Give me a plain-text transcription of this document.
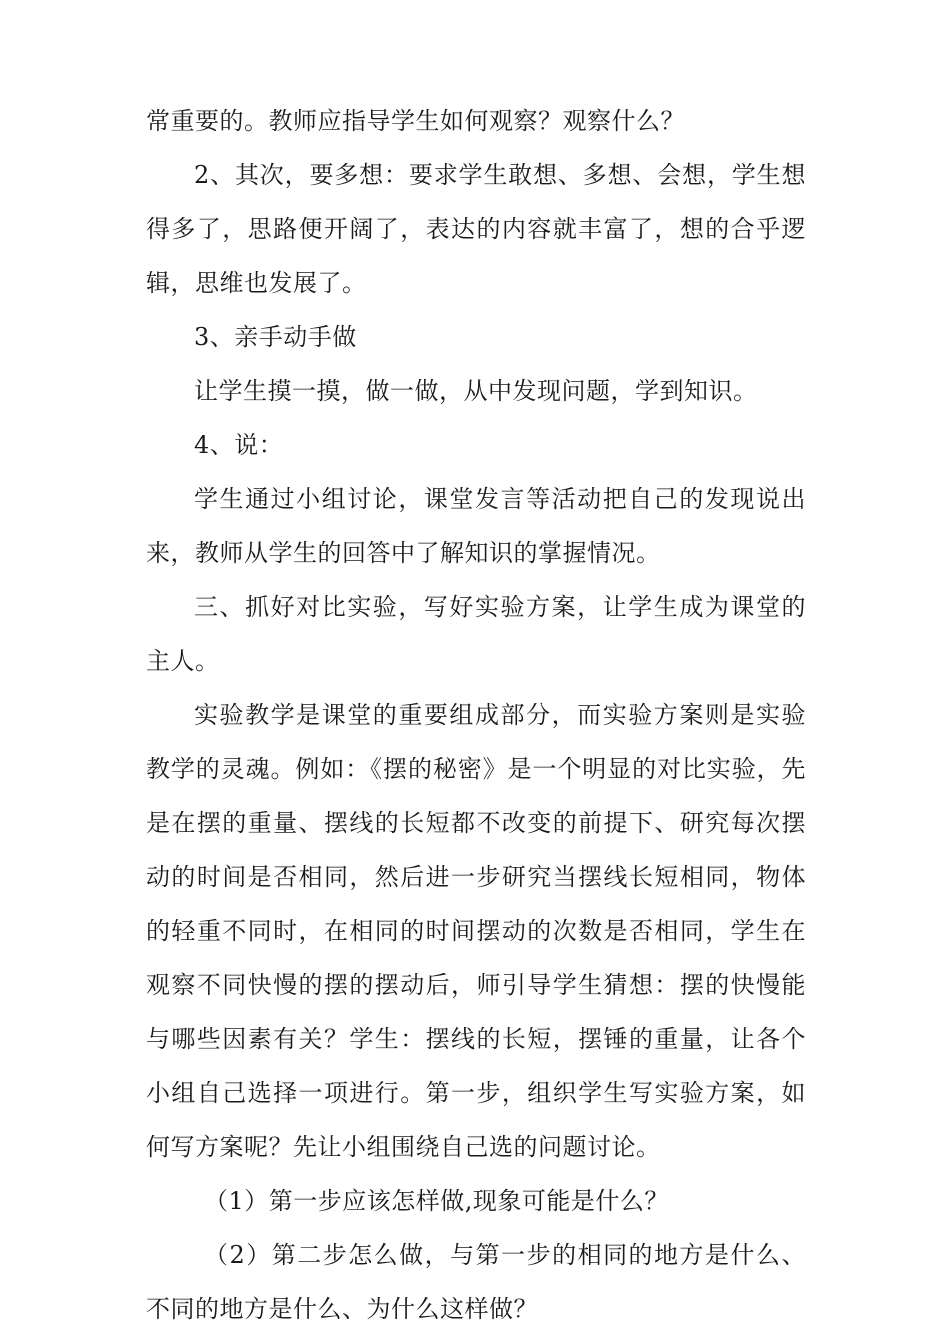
常重要的。教师应指导学生如何观察？观察什么？

2、其次，要多想：要求学生敢想、多想、会想，学生想得多了，思路便开阔了，表达的内容就丰富了，想的合乎逻辑，思维也发展了。

3、亲手动手做

让学生摸一摸，做一做，从中发现问题，学到知识。

4、说：

学生通过小组讨论，课堂发言等活动把自己的发现说出来，教师从学生的回答中了解知识的掌握情况。

三、抓好对比实验，写好实验方案，让学生成为课堂的主人。

实验教学是课堂的重要组成部分，而实验方案则是实验教学的灵魂。例如：《摆的秘密》是一个明显的对比实验，先是在摆的重量、摆线的长短都不改变的前提下、研究每次摆动的时间是否相同，然后进一步研究当摆线长短相同，物体的轻重不同时，在相同的时间摆动的次数是否相同，学生在观察不同快慢的摆的摆动后，师引导学生猜想：摆的快慢能与哪些因素有关？学生：摆线的长短，摆锤的重量，让各个小组自己选择一项进行。第一步，组织学生写实验方案，如何写方案呢？先让小组围绕自己选的问题讨论。

（1）第一步应该怎样做,现象可能是什么？

（2）第二步怎么做，与第一步的相同的地方是什么、不同的地方是什么、为什么这样做？
